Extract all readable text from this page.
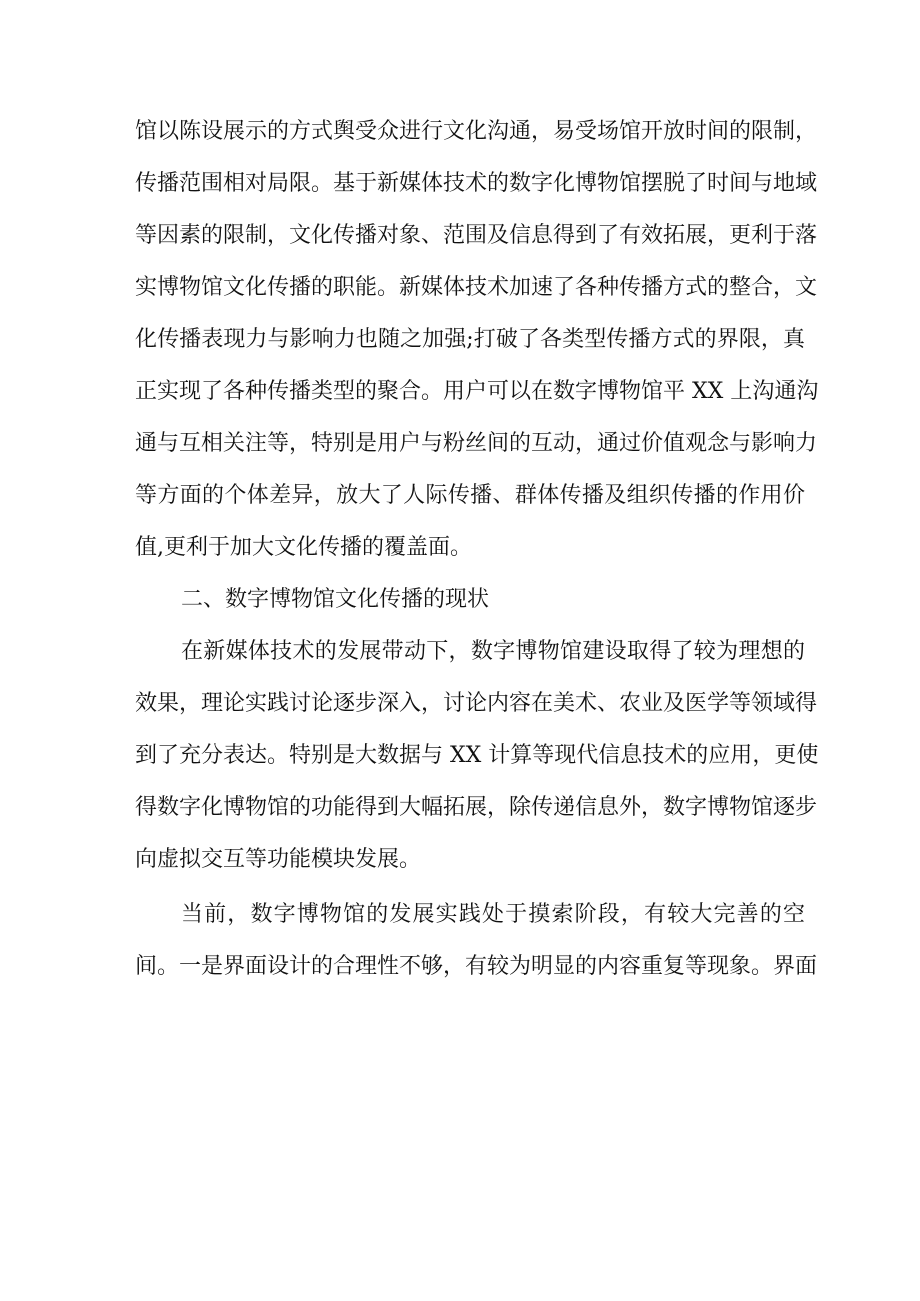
馆以陈设展示的方式舆受众进行文化沟通，易受场馆开放时间的限制，
传播范围相对局限。基于新媒体技术的数字化博物馆摆脱了时间与地域
等因素的限制，文化传播对象、范围及信息得到了有效拓展，更利于落
实博物馆文化传播的职能。新媒体技术加速了各种传播方式的整合，文
化传播表现力与影响力也随之加强;打破了各类型传播方式的界限，真
正实现了各种传播类型的聚合。用户可以在数字博物馆平 XX 上沟通沟
通与互相关注等，特别是用户与粉丝间的互动，通过价值观念与影响力
等方面的个体差异，放大了人际传播、群体传播及组织传播的作用价
值,更利于加大文化传播的覆盖面。
二、数字博物馆文化传播的现状
在新媒体技术的发展带动下，数字博物馆建设取得了较为理想的
效果，理论实践讨论逐步深入，讨论内容在美术、农业及医学等领域得
到了充分表达。特别是大数据与 XX 计算等现代信息技术的应用，更使
得数字化博物馆的功能得到大幅拓展，除传递信息外，数字博物馆逐步
向虚拟交互等功能模块发展。
当前，数字博物馆的发展实践处于摸索阶段，有较大完善的空
间。一是界面设计的合理性不够，有较为明显的内容重复等现象。界面
